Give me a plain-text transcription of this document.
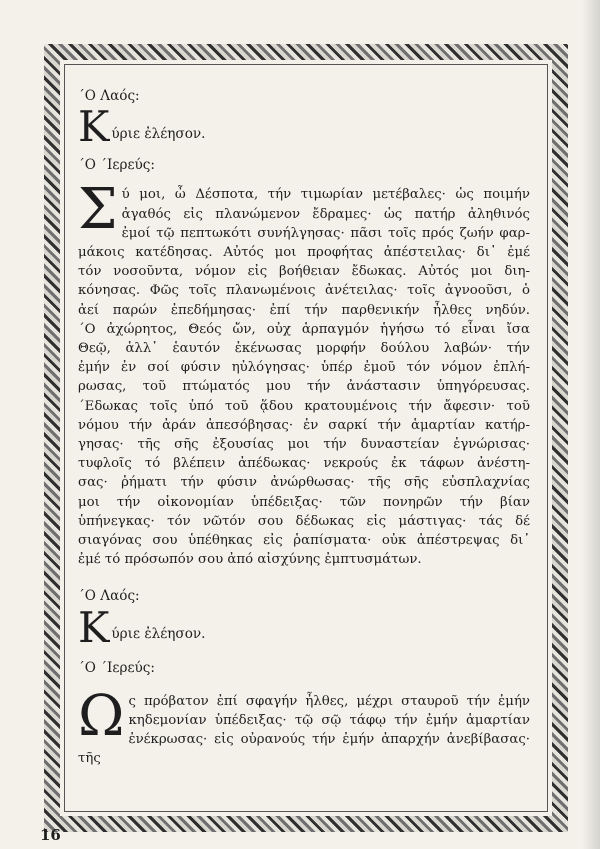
΄Ο Λαός:

Κ ύριε ἐλέησον.

΄Ο ΄Ιερεύς:

Σ ύ μοι, ὦ Δέσποτα, τήν τιμωρίαν μετέβαλες· ὡς ποιμήν
ἀγαθός εἰς πλανώμενον ἔδραμες· ὡς πατήρ ἀληθινός
ἐμοί τῷ πεπτωκότι συνήλγησας· πᾶσι τοῖς πρός ζωήν φαρ-
μάκοις κατέδησας. Αὐτός μοι προφήτας ἀπέστειλας· δι᾽ ἐμέ
τόν νοσοῦντα, νόμον εἰς βοήθειαν ἔδωκας. Αὐτός μοι διη-
κόνησας. Φῶς τοῖς πλανωμένοις ἀνέτειλας· τοῖς ἀγνοοῦσι, ὁ
ἀεί παρών ἐπεδήμησας· ἐπί τήν παρθενικήν ἦλθες νηδύν.
΄Ο ἀχώρητος, Θεός ὤν, οὐχ ἁρπαγμόν ἡγήσω τό εἶναι ἴσα
Θεῷ, ἀλλ᾽ ἑαυτόν ἐκένωσας μορφήν δούλου λαβών· τήν
ἐμήν ἐν σοί φύσιν ηὐλόγησας· ὑπέρ ἐμοῦ τόν νόμον ἐπλή-
ρωσας, τοῦ πτώματός μου τήν ἀνάστασιν ὑπηγόρευσας.
΄Εδωκας τοῖς ὑπό τοῦ ᾅδου κρατουμένοις τήν ἄφεσιν· τοῦ
νόμου τήν ἀράν ἀπεσόβησας· ἐν σαρκί τήν ἁμαρτίαν κατήρ-
γησας· τῆς σῆς ἐξουσίας μοι τήν δυναστείαν ἐγνώρισας·
τυφλοῖς τό βλέπειν ἀπέδωκας· νεκρούς ἐκ τάφων ἀνέστη-
σας· ῥήματι τήν φύσιν ἀνώρθωσας· τῆς σῆς εὐσπλαχνίας
μοι τήν οἰκονομίαν ὑπέδειξας· τῶν πονηρῶν τήν βίαν
ὑπήνεγκας· τόν νῶτόν σου δέδωκας εἰς μάστιγας· τάς δέ
σιαγόνας σου ὑπέθηκας εἰς ῥαπίσματα· οὐκ ἀπέστρεψας δι᾽
ἐμέ τό πρόσωπόν σου ἀπό αἰσχύνης ἐμπτυσμάτων.

΄Ο Λαός:

Κ ύριε ἐλέησον.

΄Ο ΄Ιερεύς:

Ω ς πρόβατον ἐπί σφαγήν ἦλθες, μέχρι σταυροῦ τήν ἐμήν
κηδεμονίαν ὑπέδειξας· τῷ σῷ τάφῳ τήν ἐμήν ἁμαρτίαν
ἐνέκρωσας· εἰς οὐρανούς τήν ἐμήν ἀπαρχήν ἀνεβίβασας· τῆς
16
